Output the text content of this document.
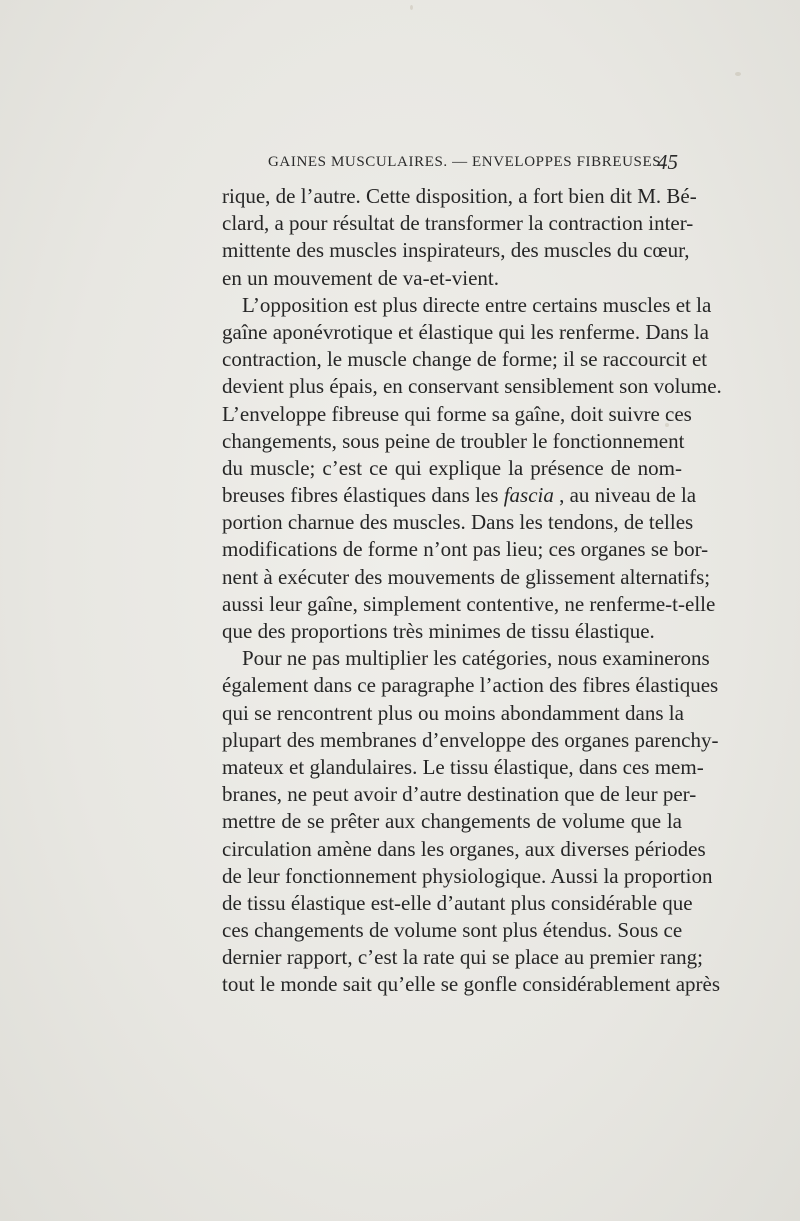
GAINES MUSCULAIRES. — ENVELOPPES FIBREUSES.
45
rique, de l’autre. Cette disposition, a fort bien dit M. Bé-
clard, a pour résultat de transformer la contraction inter-
mittente des muscles inspirateurs, des muscles du cœur,
en un mouvement de va-et-vient.
L’opposition est plus directe entre certains muscles et la
gaîne aponévrotique et élastique qui les renferme. Dans la
contraction, le muscle change de forme; il se raccourcit et
devient plus épais, en conservant sensiblement son volume.
L’enveloppe fibreuse qui forme sa gaîne, doit suivre ces
changements, sous peine de troubler le fonctionnement
du muscle; c’est ce qui explique la présence de nom-
breuses fibres élastiques dans les fascia , au niveau de la
portion charnue des muscles. Dans les tendons, de telles
modifications de forme n’ont pas lieu; ces organes se bor-
nent à exécuter des mouvements de glissement alternatifs;
aussi leur gaîne, simplement contentive, ne renferme-t-elle
que des proportions très minimes de tissu élastique.
Pour ne pas multiplier les catégories, nous examinerons
également dans ce paragraphe l’action des fibres élastiques
qui se rencontrent plus ou moins abondamment dans la
plupart des membranes d’enveloppe des organes parenchy-
mateux et glandulaires. Le tissu élastique, dans ces mem-
branes, ne peut avoir d’autre destination que de leur per-
mettre de se prêter aux changements de volume que la
circulation amène dans les organes, aux diverses périodes
de leur fonctionnement physiologique. Aussi la proportion
de tissu élastique est-elle d’autant plus considérable que
ces changements de volume sont plus étendus. Sous ce
dernier rapport, c’est la rate qui se place au premier rang;
tout le monde sait qu’elle se gonfle considérablement après
